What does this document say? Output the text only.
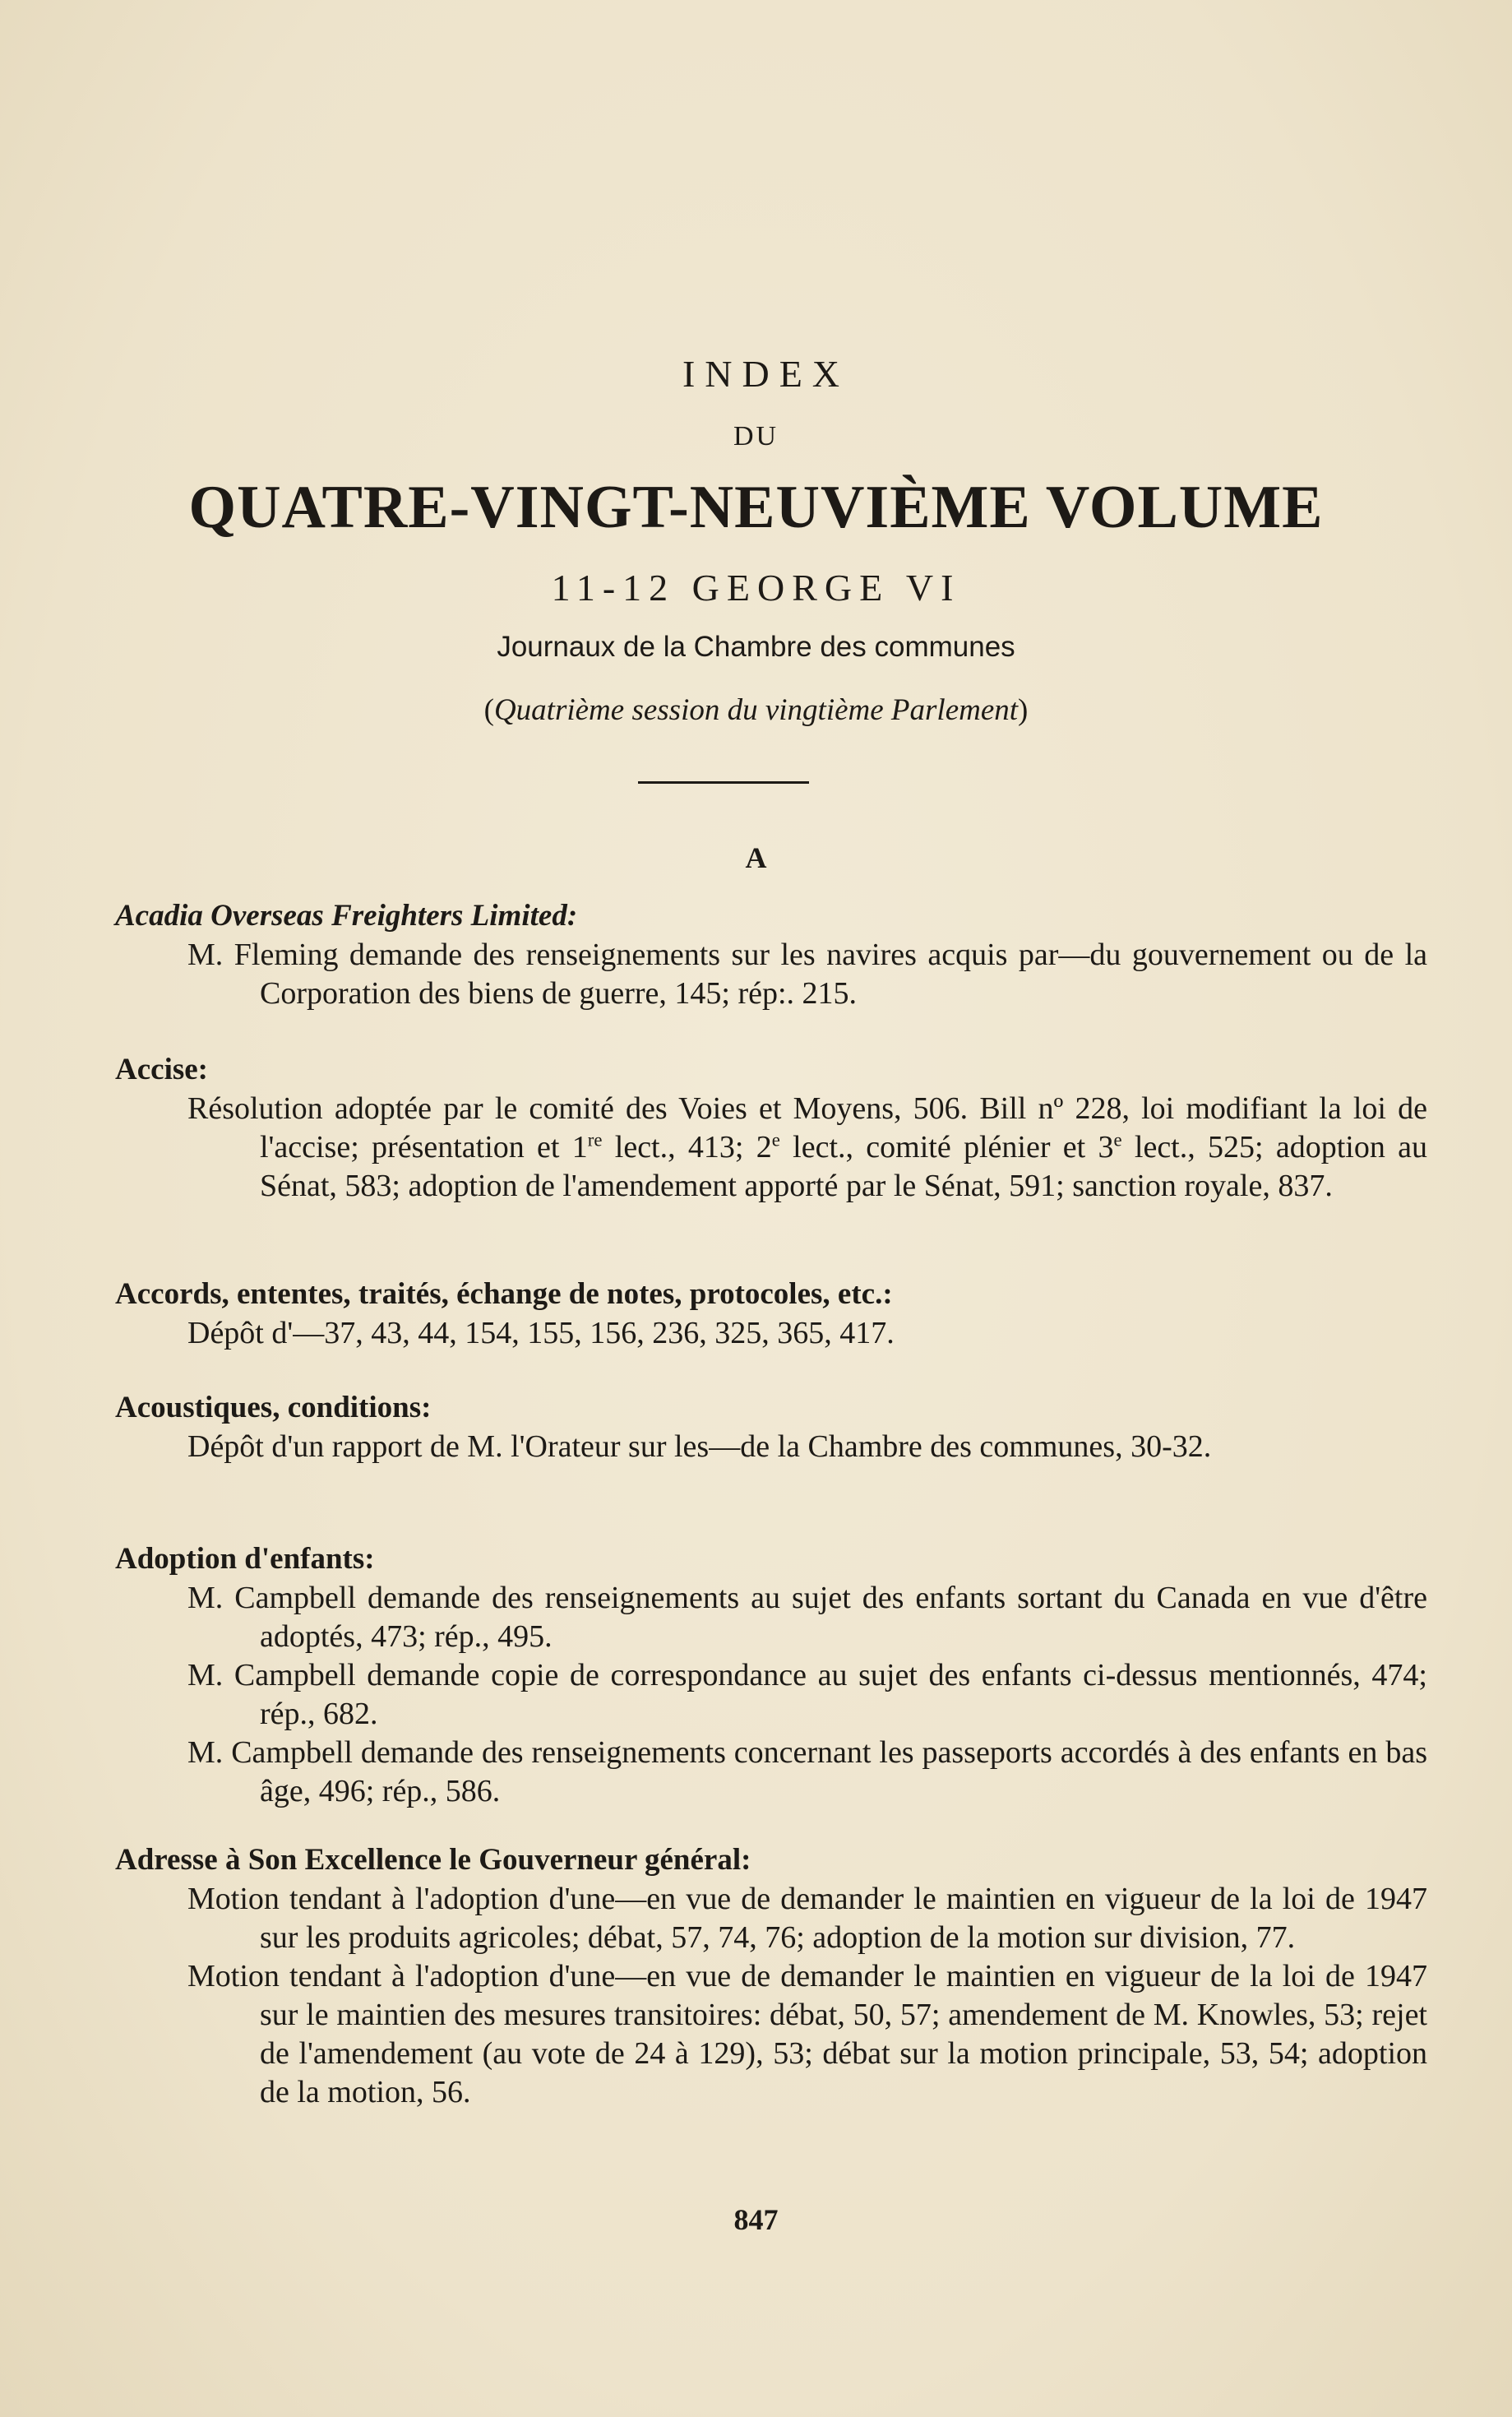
INDEX
DU
QUATRE-VINGT-NEUVIÈME VOLUME
11-12 GEORGE VI
Journaux de la Chambre des communes
(Quatrième session du vingtième Parlement)
A
Acadia Overseas Freighters Limited:
M. Fleming demande des renseignements sur les navires acquis par—du gouvernement ou de la Corporation des biens de guerre, 145; rép:. 215.
Accise:
Résolution adoptée par le comité des Voies et Moyens, 506. Bill nº 228, loi modifiant la loi de l'accise; présentation et 1re lect., 413; 2e lect., comité plénier et 3e lect., 525; adoption au Sénat, 583; adoption de l'amendement apporté par le Sénat, 591; sanction royale, 837.
Accords, ententes, traités, échange de notes, protocoles, etc.:
Dépôt d'—37, 43, 44, 154, 155, 156, 236, 325, 365, 417.
Acoustiques, conditions:
Dépôt d'un rapport de M. l'Orateur sur les—de la Chambre des communes, 30-32.
Adoption d'enfants:
M. Campbell demande des renseignements au sujet des enfants sortant du Canada en vue d'être adoptés, 473; rép., 495.
M. Campbell demande copie de correspondance au sujet des enfants ci-dessus mentionnés, 474; rép., 682.
M. Campbell demande des renseignements concernant les passeports accordés à des enfants en bas âge, 496; rép., 586.
Adresse à Son Excellence le Gouverneur général:
Motion tendant à l'adoption d'une—en vue de demander le maintien en vigueur de la loi de 1947 sur les produits agricoles; débat, 57, 74, 76; adoption de la motion sur division, 77.
Motion tendant à l'adoption d'une—en vue de demander le maintien en vigueur de la loi de 1947 sur le maintien des mesures transitoires: débat, 50, 57; amendement de M. Knowles, 53; rejet de l'amendement (au vote de 24 à 129), 53; débat sur la motion principale, 53, 54; adoption de la motion, 56.
847
